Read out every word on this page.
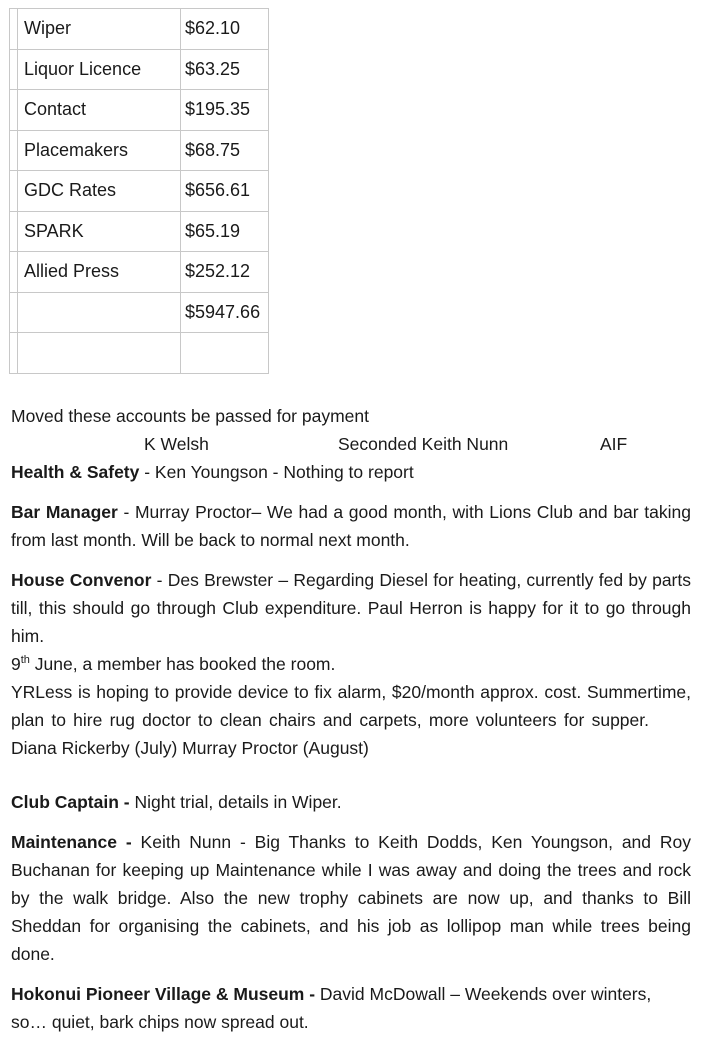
	Wiper	$62.10
	Liquor Licence	$63.25
	Contact	$195.35
	Placemakers	$68.75
	GDC Rates	$656.61
	SPARK	$65.19
	Allied Press	$252.12
		$5947.66

Moved these accounts be passed for payment

K Welsh	Seconded Keith Nunn	AIF

Health & Safety - Ken Youngson - Nothing to report

Bar Manager - Murray Proctor– We had a good month, with Lions Club and bar taking from last month. Will be back to normal next month.

House Convenor - Des Brewster – Regarding Diesel for heating, currently fed by parts till, this should go through Club expenditure. Paul Herron is happy for it to go through him.

9th June, a member has booked the room.

YRLess is hoping to provide device to fix alarm, $20/month approx. cost. Summertime, plan to hire rug doctor to clean chairs and carpets, more volunteers for supper.Diana Rickerby (July) Murray Proctor (August)

Club Captain - Night trial, details in Wiper.

Maintenance - Keith Nunn - Big Thanks to Keith Dodds, Ken Youngson, and Roy Buchanan for keeping up Maintenance while I was away and doing the trees and rock by the walk bridge. Also the new trophy cabinets are now up, and thanks to Bill Sheddan for organising the cabinets, and his job as lollipop man while trees being done.

Hokonui Pioneer Village & Museum - David McDowall – Weekends over winters, so… quiet, bark chips now spread out.
